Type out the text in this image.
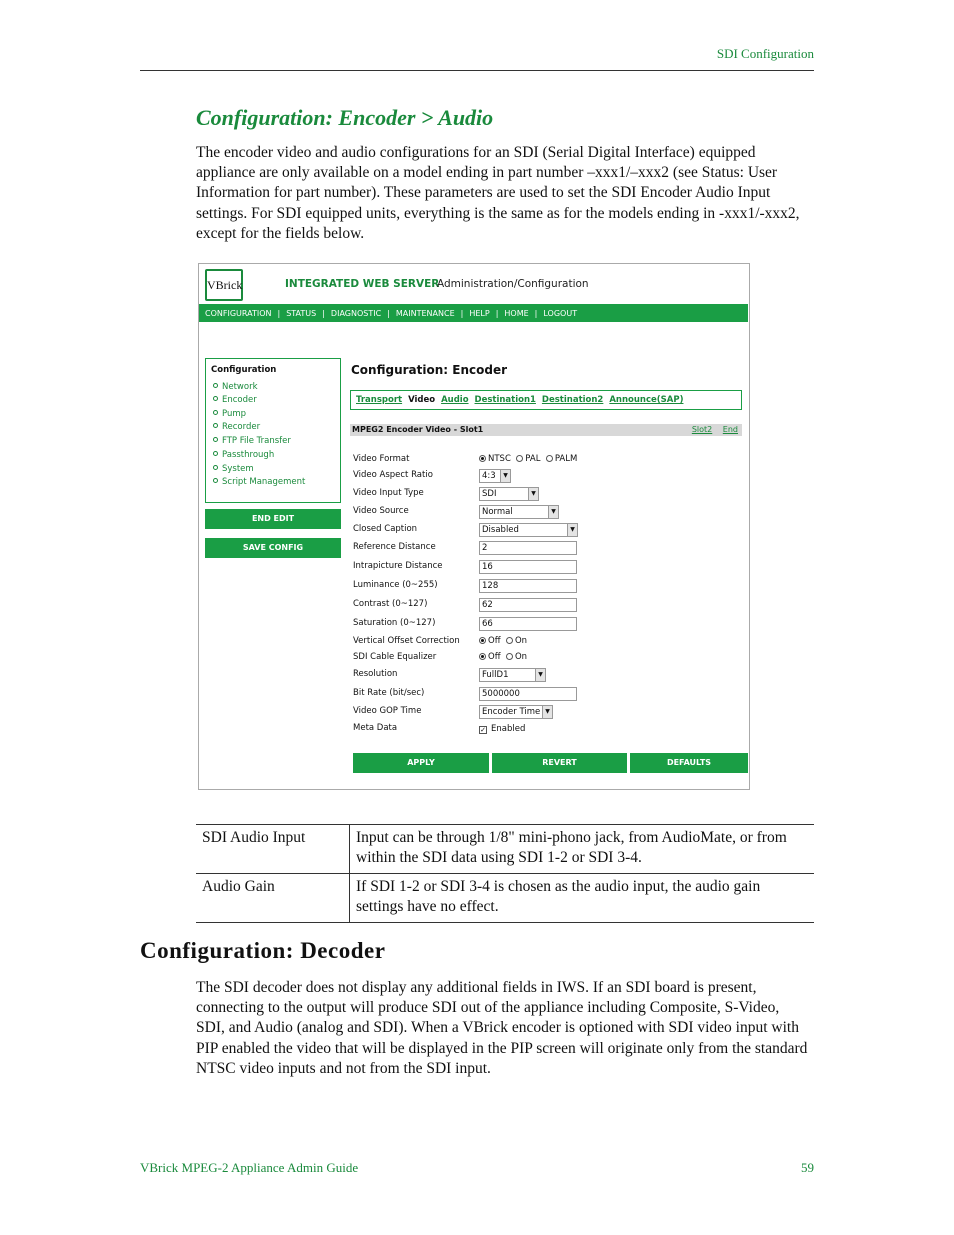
SDI Configuration
Configuration: Encoder > Audio
The encoder video and audio configurations for an SDI (Serial Digital Interface) equipped appliance are only available on a model ending in part number –xxx1/–xxx2 (see Status: User Information for part number). These parameters are used to set the SDI Encoder Audio Input settings. For SDI equipped units, everything is the same as for the models ending in -xxx1/-xxx2, except for the fields below.
VBrick	INTEGRATED WEB SERVER
Administration/Configuration
CONFIGURATION | STATUS | DIAGNOSTIC | MAINTENANCE | HELP | HOME | LOGOUT
Configuration
Network
Encoder
Pump
Recorder
FTP File Transfer
Passthrough
System
Script Management
END EDIT
SAVE CONFIG
Configuration: Encoder
Transport Video Audio Destination1 Destination2 Announce(SAP)
MPEG2 Encoder Video - Slot1	Slot2 End
Video Format	NTSC PAL PALM
Video Aspect Ratio	4:3	▼
Video Input Type	SDI	▼
Video Source	Normal	▼
Closed Caption	Disabled	▼
Reference Distance	2
Intrapicture Distance	16
Luminance (0~255)	128
Contrast (0~127)	62
Saturation (0~127)	66
Vertical Offset Correction	Off On
SDI Cable Equalizer	Off On
Resolution	FullD1	▼
Bit Rate (bit/sec)	5000000
Video GOP Time	Encoder Time ▼
Meta Data	✓ Enabled
APPLY	REVERT	DEFAULTS
SDI Audio Input	Input can be through 1/8" mini-phono jack, from AudioMate, or from within the SDI data using SDI 1-2 or SDI 3-4.
Audio Gain	If SDI 1-2 or SDI 3-4 is chosen as the audio input, the audio gain settings have no effect.
Configuration: Decoder
The SDI decoder does not display any additional fields in IWS. If an SDI board is present, connecting to the output will produce SDI out of the appliance including Composite, S-Video, SDI, and Audio (analog and SDI). When a VBrick encoder is optioned with SDI video input with PIP enabled the video that will be displayed in the PIP screen will originate only from the standard NTSC video inputs and not from the SDI input.
VBrick MPEG-2 Appliance Admin Guide	59
